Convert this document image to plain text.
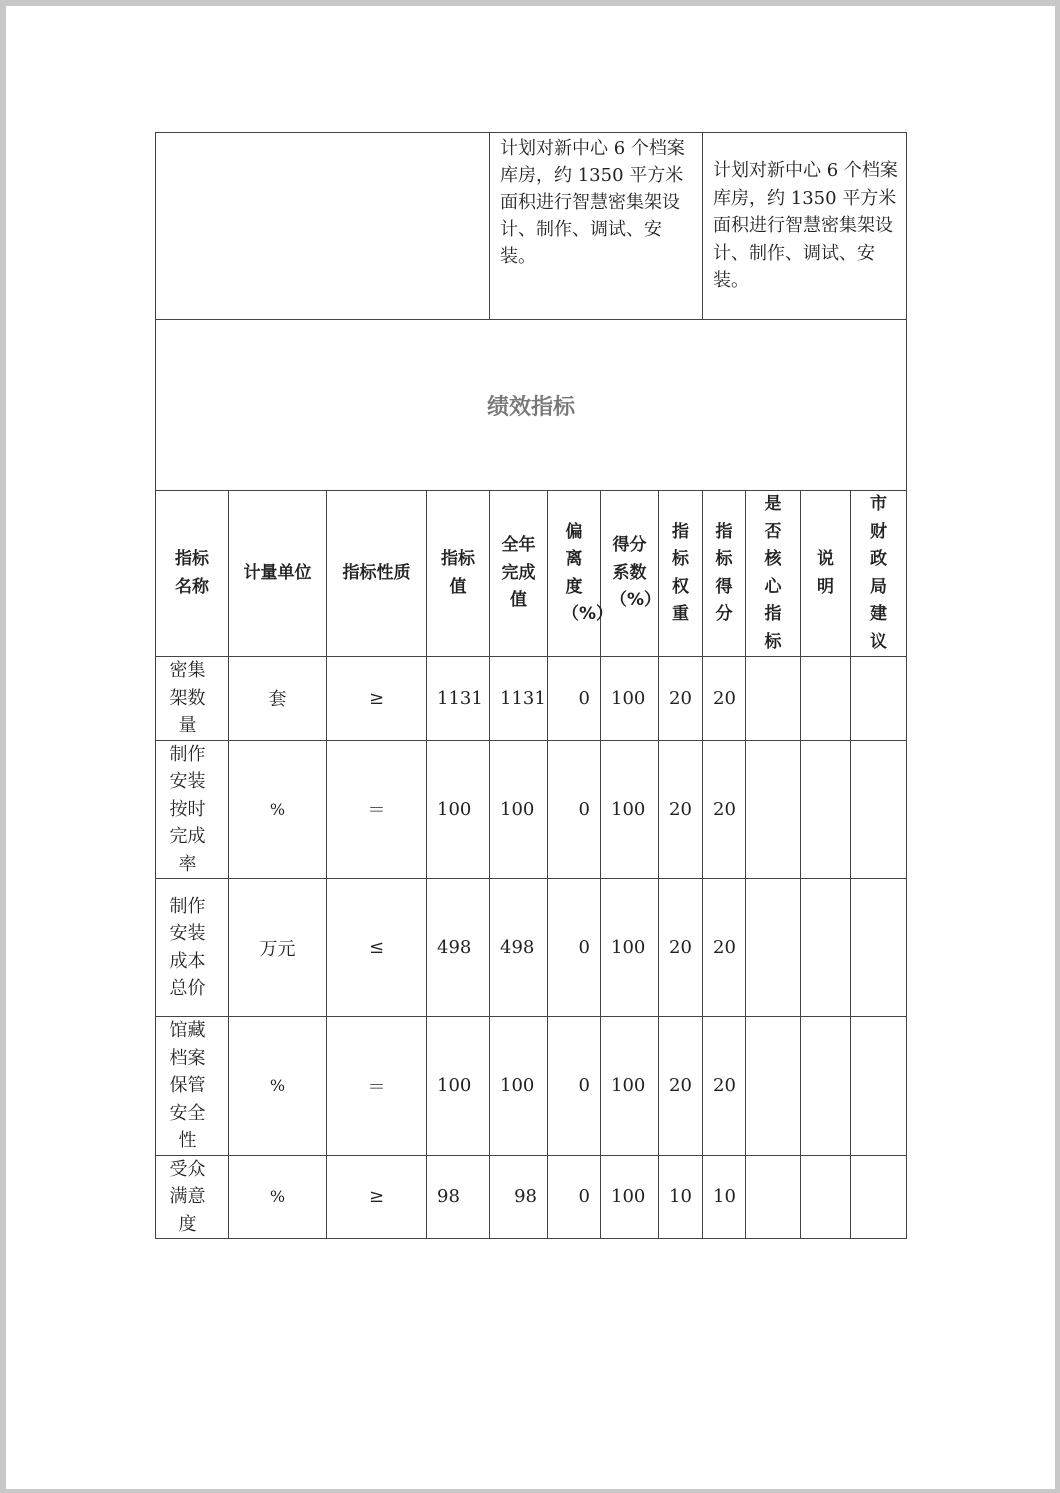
				计划对新中心 6 个档案库房，约 1350 平方米面积进行智慧密集架设计、制作、调试、安装。				计划对新中心 6 个档案库房，约 1350 平方米面积进行智慧密集架设计、制作、调试、安装。			
绩效指标											
指标名称	计量单位	指标性质	指标值	全年完成值	偏离度（%）	得分系数（%）	指标权重	指标得分	是否核心指标	说明	市财政局建议
密集架数量	套	≥	1131	1131	0	100	20	20			
制作安装按时完成率	%	＝	100	100	0	100	20	20			
制作安装成本总价	万元	≤	498	498	0	100	20	20			
馆藏档案保管安全性	%	＝	100	100	0	100	20	20			
受众满意度	%	≥	98	98	0	100	10	10			
